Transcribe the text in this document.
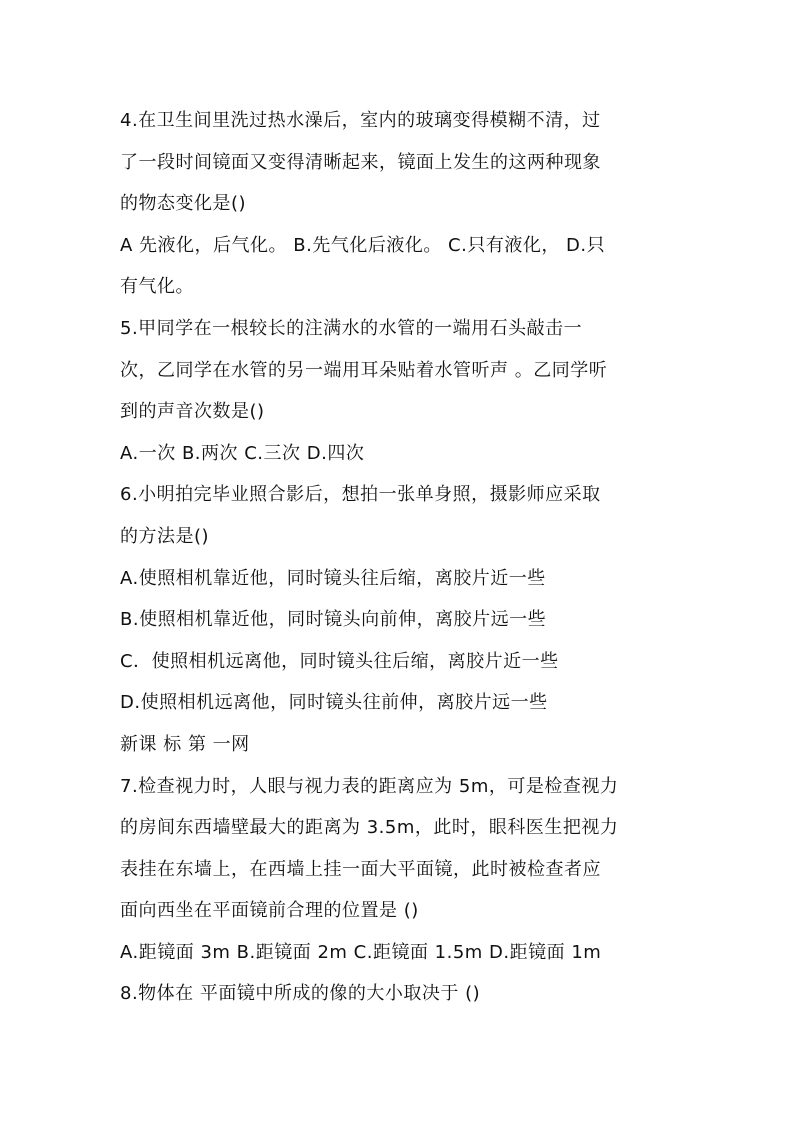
4.在卫生间里洗过热水澡后，室内的玻璃变得模糊不清，过
了一段时间镜面又变得清晰起来，镜面上发生的这两种现象
的物态变化是()
A 先液化，后气化。 B.先气化后液化。 C.只有液化， D.只
有气化。
5.甲同学在一根较长的注满水的水管的一端用石头敲击一
次，乙同学在水管的另一端用耳朵贴着水管听声 。乙同学听
到的声音次数是()
A.一次 B.两次 C.三次 D.四次
6.小明拍完毕业照合影后，想拍一张单身照，摄影师应采取
的方法是()
A.使照相机靠近他，同时镜头往后缩，离胶片近一些
B.使照相机靠近他，同时镜头向前伸，离胶片远一些
C．使照相机远离他，同时镜头往后缩，离胶片近一些
D.使照相机远离他，同时镜头往前伸，离胶片远一些
新课 标 第 一网
7.检查视力时，人眼与视力表的距离应为 5m，可是检查视力
的房间东西墙壁最大的距离为 3.5m，此时，眼科医生把视力
表挂在东墙上，在西墙上挂一面大平面镜，此时被检查者应
面向西坐在平面镜前合理的位置是 ()
A.距镜面 3m B.距镜面 2m C.距镜面 1.5m D.距镜面 1m
8.物体在 平面镜中所成的像的大小取决于 ()
